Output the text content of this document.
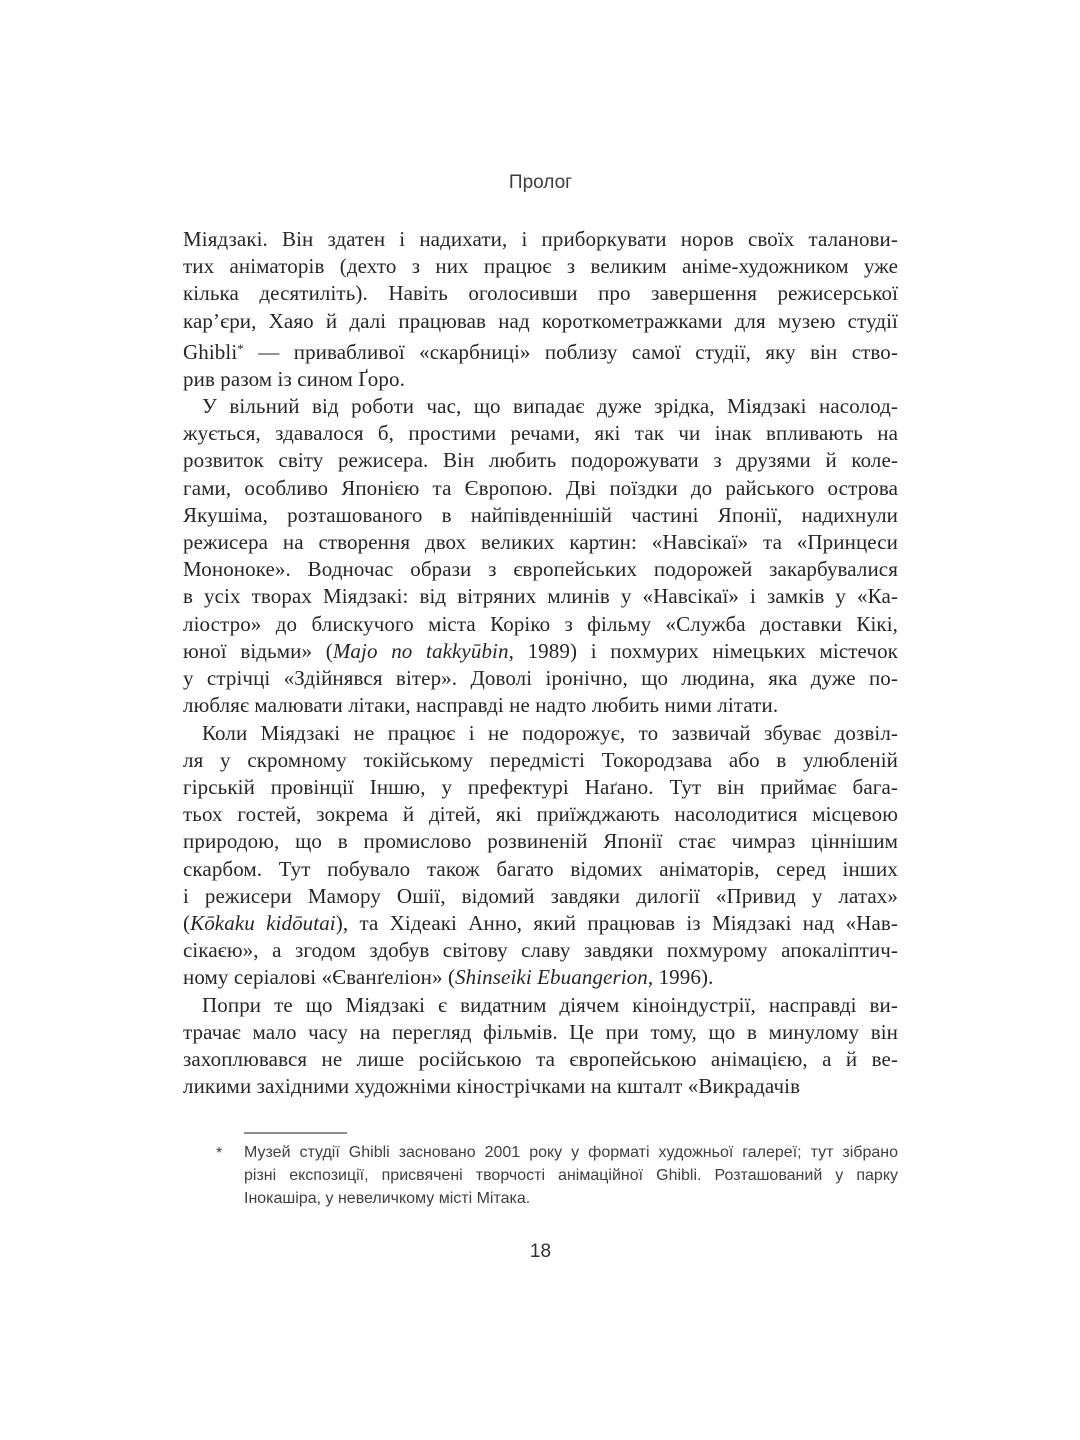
Пролог
Міядзакі. Він здатен і надихати, і приборкувати норов своїх таланови-
тих аніматорів (дехто з них працює з великим аніме-художником уже
кілька десятиліть). Навіть оголосивши про завершення режисерської
кар’єри, Хаяо й далі працював над короткометражками для музею студії
Ghibli* — привабливої «скарбниці» поблизу самої студії, яку він ство-
рив разом із сином Ґоро.
У вільний від роботи час, що випадає дуже зрідка, Міядзакі насолод-
жується, здавалося б, простими речами, які так чи інак впливають на
розвиток світу режисера. Він любить подорожувати з друзями й коле-
гами, особливо Японією та Європою. Дві поїздки до райського острова
Якушіма, розташованого в найпівденнішій частині Японії, надихнули
режисера на створення двох великих картин: «Навсікаї» та «Принцеси
Мононоке». Водночас образи з європейських подорожей закарбувалися
в усіх творах Міядзакі: від вітряних млинів у «Навсікаї» і замків у «Ка-
ліостро» до блискучого міста Коріко з фільму «Служба доставки Кікі,
юної відьми» (Majo no takkyūbin, 1989) і похмурих німецьких містечок
у стрічці «Здійнявся вітер». Доволі іронічно, що людина, яка дуже по-
любляє малювати літаки, насправді не надто любить ними літати.
Коли Міядзакі не працює і не подорожує, то зазвичай збуває дозвіл-
ля у скромному токійському передмісті Токородзава або в улюбленій
гірській провінції Іншю, у префектурі Наґано. Тут він приймає бага-
тьох гостей, зокрема й дітей, які приїжджають насолодитися місцевою
природою, що в промислово розвиненій Японії стає чимраз ціннішим
скарбом. Тут побувало також багато відомих аніматорів, серед інших
і режисери Мамору Ошії, відомий завдяки дилогії «Привид у латах»
(Kōkaku kidōutai), та Хідеакі Анно, який працював із Міядзакі над «Нав-
сікаєю», а згодом здобув світову славу завдяки похмурому апокаліптич-
ному серіалові «Єванґеліон» (Shinseiki Ebuangerion, 1996).
Попри те що Міядзакі є видатним діячем кіноіндустрії, насправді ви-
трачає мало часу на перегляд фільмів. Це при тому, що в минулому він
захоплювався не лише російською та європейською анімацією, а й ве-
ликими західними художніми кінострічками на кшталт «Викрадачів
* Музей студії Ghibli засновано 2001 року у форматі художньої галереї; тут зібрано
різні експозиції, присвячені творчості анімаційної Ghibli. Розташований у парку
Інокашіра, у невеличкому місті Мітака.
18
